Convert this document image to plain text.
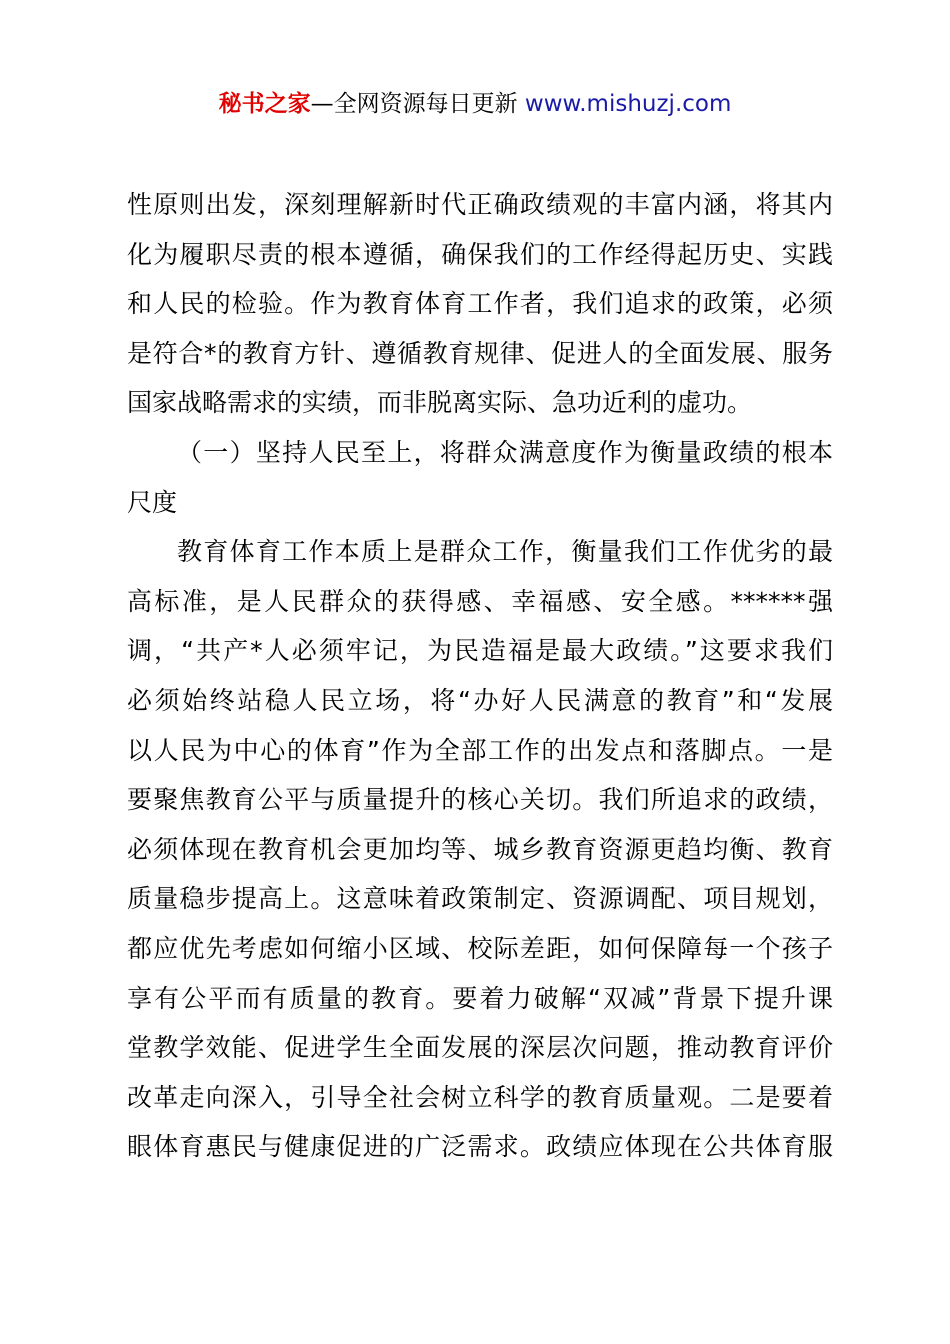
秘书之家—全网资源每日更新 www.mishuzj.com
性原则出发，深刻理解新时代正确政绩观的丰富内涵，将其内
化为履职尽责的根本遵循，确保我们的工作经得起历史、实践
和人民的检验。作为教育体育工作者，我们追求的政策，必须
是符合*的教育方针、遵循教育规律、促进人的全面发展、服务
国家战略需求的实绩，而非脱离实际、急功近利的虚功。
（一）坚持人民至上，将群众满意度作为衡量政绩的根本
尺度
教育体育工作本质上是群众工作，衡量我们工作优劣的最
高标准，是人民群众的获得感、幸福感、安全感。******强
调，“共产*人必须牢记，为民造福是最大政绩。”这要求我们
必须始终站稳人民立场，将“办好人民满意的教育”和“发展
以人民为中心的体育”作为全部工作的出发点和落脚点。一是
要聚焦教育公平与质量提升的核心关切。我们所追求的政绩，
必须体现在教育机会更加均等、城乡教育资源更趋均衡、教育
质量稳步提高上。这意味着政策制定、资源调配、项目规划，
都应优先考虑如何缩小区域、校际差距，如何保障每一个孩子
享有公平而有质量的教育。要着力破解“双减”背景下提升课
堂教学效能、促进学生全面发展的深层次问题，推动教育评价
改革走向深入，引导全社会树立科学的教育质量观。二是要着
眼体育惠民与健康促进的广泛需求。政绩应体现在公共体育服
